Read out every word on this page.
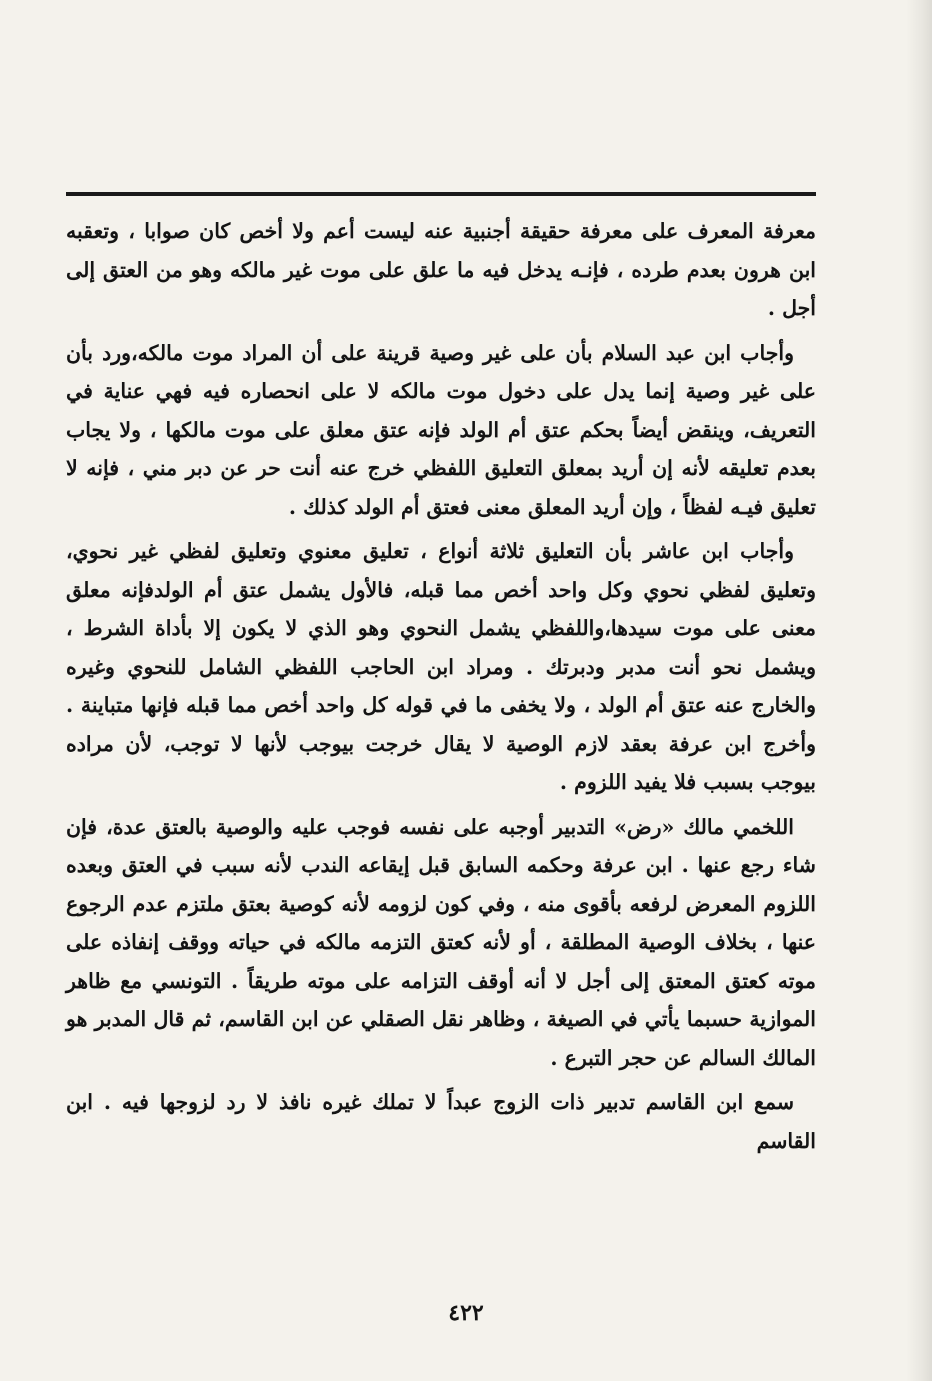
معرفة المعرف على معرفة حقيقة أجنبية عنه ليست أعم ولا أخص كان صوابا ، وتعقبه ابن هرون بعدم طرده ، فإنـه يدخل فيه ما علق على موت غير مالكه وهو من العتق إلى أجل .

وأجاب ابن عبد السلام بأن على غير وصية قرينة على أن المراد موت مالكه،ورد بأن على غير وصية إنما يدل على دخول موت مالكه لا على انحصاره فيه فهي عناية في التعريف، وينقض أيضاً بحكم عتق أم الولد فإنه عتق معلق على موت مالكها ، ولا يجاب بعدم تعليقه لأنه إن أريد بمعلق التعليق اللفظي خرج عنه أنت حر عن دبر مني ، فإنه لا تعليق فيـه لفظاً ، وإن أريد المعلق معنى فعتق أم الولد كذلك .

وأجاب ابن عاشر بأن التعليق ثلاثة أنواع ، تعليق معنوي وتعليق لفظي غير نحوي، وتعليق لفظي نحوي وكل واحد أخص مما قبله، فالأول يشمل عتق أم الولدفإنه معلق معنى على موت سيدها،واللفظي يشمل النحوي وهو الذي لا يكون إلا بأداة الشرط ، ويشمل نحو أنت مدبر ودبرتك . ومراد ابن الحاجب اللفظي الشامل للنحوي وغيره والخارج عنه عتق أم الولد ، ولا يخفى ما في قوله كل واحد أخص مما قبله فإنها متباينة . وأخرج ابن عرفة بعقد لازم الوصية لا يقال خرجت بيوجب لأنها لا توجب، لأن مراده بيوجب بسبب فلا يفيد اللزوم .

اللخمي مالك «رض» التدبير أوجبه على نفسه فوجب عليه والوصية بالعتق عدة، فإن شاء رجع عنها . ابن عرفة وحكمه السابق قبل إيقاعه الندب لأنه سبب في العتق وبعده اللزوم المعرض لرفعه بأقوى منه ، وفي كون لزومه لأنه كوصية بعتق ملتزم عدم الرجوع عنها ، بخلاف الوصية المطلقة ، أو لأنه كعتق التزمه مالكه في حياته ووقف إنفاذه على موته كعتق المعتق إلى أجل لا أنه أوقف التزامه على موته طريقاً . التونسي مع ظاهر الموازية حسبما يأتي في الصيغة ، وظاهر نقل الصقلي عن ابن القاسم، ثم قال المدبر هو المالك السالم عن حجر التبرع .

سمع ابن القاسم تدبير ذات الزوج عبداً لا تملك غيره نافذ لا رد لزوجها فيه . ابن القاسم

٤٢٢
